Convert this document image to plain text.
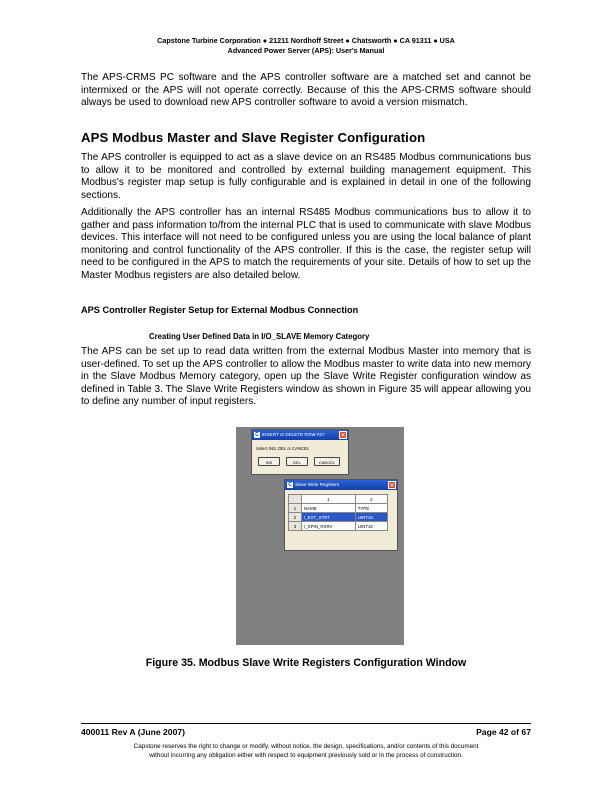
Capstone Turbine Corporation ● 21211 Nordhoff Street ● Chatsworth ● CA 91311 ● USA
Advanced Power Server (APS): User's Manual
The APS-CRMS PC software and the APS controller software are a matched set and cannot be intermixed or the APS will not operate correctly. Because of this the APS-CRMS software should always be used to download new APS controller software to avoid a version mismatch.
APS Modbus Master and Slave Register Configuration
The APS controller is equipped to act as a slave device on an RS485 Modbus communications bus to allow it to be monitored and controlled by external building management equipment. This Modbus's register map setup is fully configurable and is explained in detail in one of the following sections.
Additionally the APS controller has an internal RS485 Modbus communications bus to allow it to gather and pass information to/from the internal PLC that is used to communicate with slave Modbus devices. This interface will not need to be configured unless you are using the local balance of plant monitoring and control functionality of the APS controller. If this is the case, the register setup will need to be configured in the APS to match the requirements of your site. Details of how to set up the Master Modbus registers are also detailed below.
APS Controller Register Setup for External Modbus Connection
Creating User Defined Data in I/O_SLAVE Memory Category
The APS can be set up to read data written from the external Modbus Master into memory that is user-defined. To set up the APS controller to allow the Modbus master to write data into new memory in the Slave Modbus Memory category, open up the Slave Write Register configuration window as defined in Table 3. The Slave Write Registers window as shown in Figure 35 will appear allowing you to define any number of input registers.
C INSERT or DELETE ROW #2?	✕
Select INS, DEL or CANCEL
INS	DEL	CANCEL
C Slave Write Registers	✕
	1	2
1	NAME	TYPE
2	I_EXT_STRT	UINT16
3	I_SPIN_RSRV	UINT16
Figure 35. Modbus Slave Write Registers Configuration Window
400011 Rev A (June 2007)	Page 42 of 67
Capstone reserves the right to change or modify, without notice, the design, specifications, and/or contents of this document
without incurring any obligation either with respect to equipment previously sold or in the process of construction.
